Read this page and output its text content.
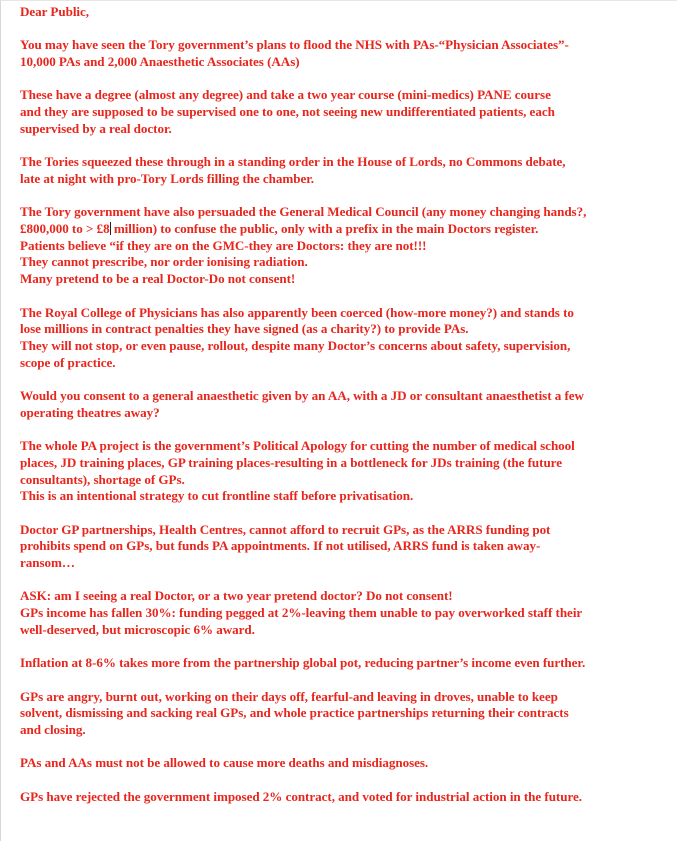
Dear Public,
You may have seen the Tory government’s plans to flood the NHS with PAs-“Physician Associates”-
10,000 PAs and 2,000 Anaesthetic Associates (AAs)
These have a degree (almost any degree) and take a two year course (mini-medics) PANE course
and they are supposed to be supervised one to one, not seeing new undifferentiated patients, each
supervised by a real doctor.
The Tories squeezed these through in a standing order in the House of Lords, no Commons debate,
late at night with pro-Tory Lords filling the chamber.
The Tory government have also persuaded the General Medical Council (any money changing hands?,
£800,000 to > £8 million) to confuse the public, only with a prefix in the main Doctors register.
Patients believe “if they are on the GMC-they are Doctors: they are not!!!
They cannot prescribe, nor order ionising radiation.
Many pretend to be a real Doctor-Do not consent!
The Royal College of Physicians has also apparently been coerced (how-more money?) and stands to
lose millions in contract penalties they have signed (as a charity?) to provide PAs.
They will not stop, or even pause, rollout, despite many Doctor’s concerns about safety, supervision,
scope of practice.
Would you consent to a general anaesthetic given by an AA, with a JD or consultant anaesthetist a few
operating theatres away?
The whole PA project is the government’s Political Apology for cutting the number of medical school
places, JD training places, GP training places-resulting in a bottleneck for JDs training (the future
consultants), shortage of GPs.
This is an intentional strategy to cut frontline staff before privatisation.
Doctor GP partnerships, Health Centres, cannot afford to recruit GPs, as the ARRS funding pot
prohibits spend on GPs, but funds PA appointments. If not utilised, ARRS fund is taken away-
ransom…
ASK: am I seeing a real Doctor, or a two year pretend doctor? Do not consent!
GPs income has fallen 30%: funding pegged at 2%-leaving them unable to pay overworked staff their
well-deserved, but microscopic 6% award.
Inflation at 8-6% takes more from the partnership global pot, reducing partner’s income even further.
GPs are angry, burnt out, working on their days off, fearful-and leaving in droves, unable to keep
solvent, dismissing and sacking real GPs, and whole practice partnerships returning their contracts
and closing.
PAs and AAs must not be allowed to cause more deaths and misdiagnoses.
GPs have rejected the government imposed 2% contract, and voted for industrial action in the future.
